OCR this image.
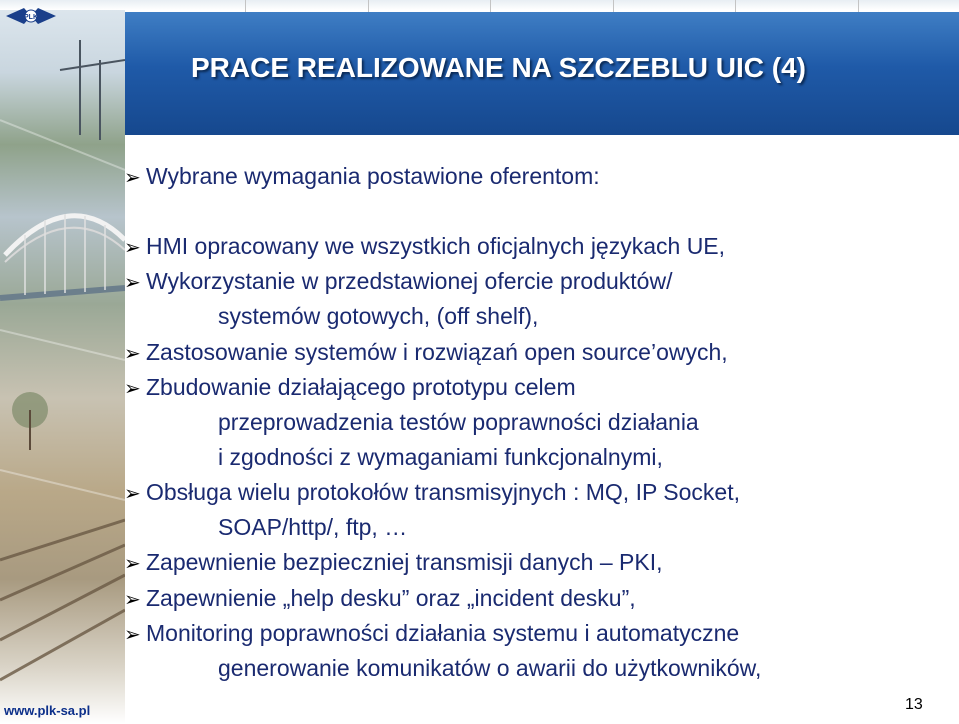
PRACE REALIZOWANE NA SZCZEBLU UIC (4)
PLK
➢ Wybrane wymagania postawione oferentom:
➢ HMI opracowany we wszystkich oficjalnych językach UE,
➢ Wykorzystanie w przedstawionej ofercie produktów/
systemów gotowych, (off shelf),
➢ Zastosowanie systemów i rozwiązań open source’owych,
➢ Zbudowanie działającego prototypu celem
przeprowadzenia testów poprawności działania
i zgodności z wymaganiami funkcjonalnymi,
➢ Obsługa wielu protokołów transmisyjnych : MQ, IP Socket,
SOAP/http/, ftp, …
➢ Zapewnienie bezpieczniej transmisji danych – PKI,
➢ Zapewnienie „help desku” oraz „incident desku”,
➢ Monitoring poprawności działania systemu i automatyczne
generowanie komunikatów o awarii do użytkowników,
www.plk-sa.pl	13
